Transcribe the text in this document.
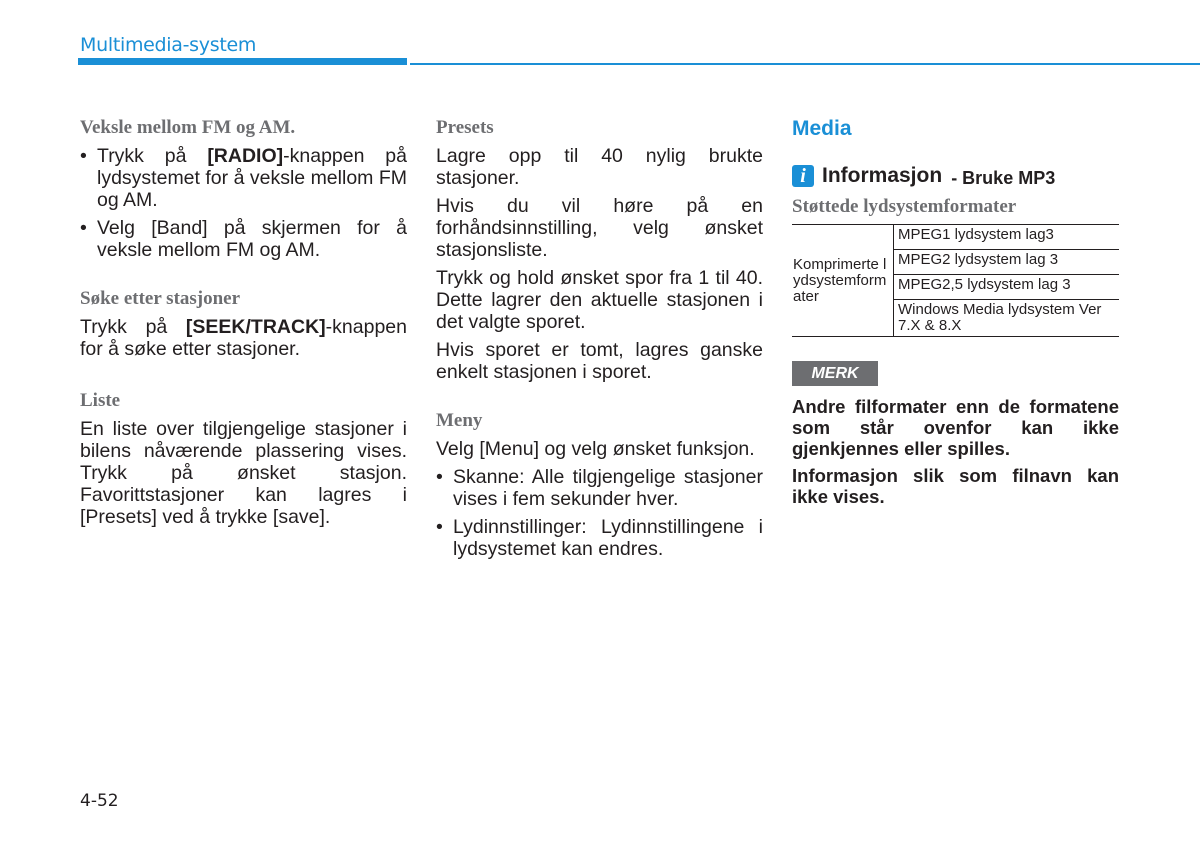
Multimedia-system
Veksle mellom FM og AM.
• Trykk på [RADIO]-knappen på lydsystemet for å veksle mellom FM og AM.
• Velg [Band] på skjermen for å veksle mellom FM og AM.
Søke etter stasjoner

Trykk på [SEEK/TRACK]-knappen for å søke etter stasjoner.

Liste

En liste over tilgjengelige stasjoner i bilens nåværende plassering vises. Trykk på ønsket stasjon. Favorittstasjoner kan lagres i [Presets] ved å trykke [save].

Presets

Lagre opp til 40 nylig brukte stasjoner.

Hvis du vil høre på en forhåndsinnstilling, velg ønsket stasjonsliste.

Trykk og hold ønsket spor fra 1 til 40. Dette lagrer den aktuelle stasjonen i det valgte sporet.

Hvis sporet er tomt, lagres ganske enkelt stasjonen i sporet.

Meny

Velg [Menu] og velg ønsket funksjon.

• Skanne: Alle tilgjengelige stasjoner vises i fem sekunder hver.
• Lydinnstillinger: Lydinnstillingene i lydsystemet kan endres.
Media
i Informasjon - Bruke MP3
Støttede lydsystemformater
Komprimerte lydsystemformater	MPEG1 lydsystem lag3
MPEG2 lydsystem lag 3
MPEG2,5 lydsystem lag 3
Windows Media lydsystem Ver 7.X & 8.X
MERK

Andre filformater enn de formatene som står ovenfor kan ikke gjenkjennes eller spilles.

Informasjon slik som filnavn kan ikke vises.

4-52
